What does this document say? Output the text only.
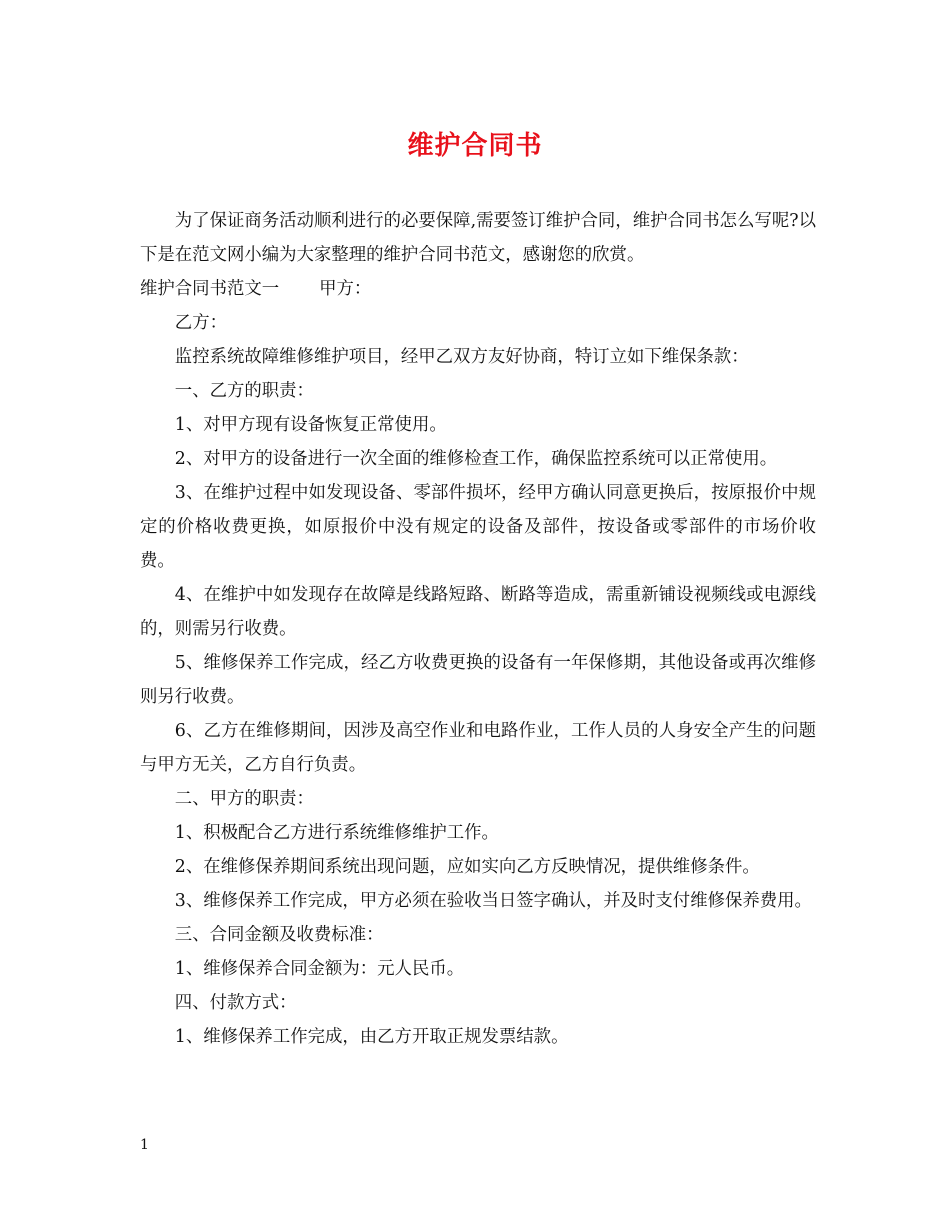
维护合同书

为了保证商务活动顺利进行的必要保障,需要签订维护合同，维护合同书怎么写呢?以下是在范文网小编为大家整理的维护合同书范文，感谢您的欣赏。

维护合同书范文一 甲方：

乙方：

监控系统故障维修维护项目，经甲乙双方友好协商，特订立如下维保条款：

一、乙方的职责：

1、对甲方现有设备恢复正常使用。

2、对甲方的设备进行一次全面的维修检查工作，确保监控系统可以正常使用。

3、在维护过程中如发现设备、零部件损坏，经甲方确认同意更换后，按原报价中规定的价格收费更换，如原报价中没有规定的设备及部件，按设备或零部件的市场价收费。

4、在维护中如发现存在故障是线路短路、断路等造成，需重新铺设视频线或电源线的，则需另行收费。

5、维修保养工作完成，经乙方收费更换的设备有一年保修期，其他设备或再次维修则另行收费。

6、乙方在维修期间，因涉及高空作业和电路作业，工作人员的人身安全产生的问题与甲方无关，乙方自行负责。

二、甲方的职责：

1、积极配合乙方进行系统维修维护工作。

2、在维修保养期间系统出现问题，应如实向乙方反映情况，提供维修条件。

3、维修保养工作完成，甲方必须在验收当日签字确认，并及时支付维修保养费用。

三、合同金额及收费标准：

1、维修保养合同金额为：元人民币。

四、付款方式：

1、维修保养工作完成，由乙方开取正规发票结款。

1
